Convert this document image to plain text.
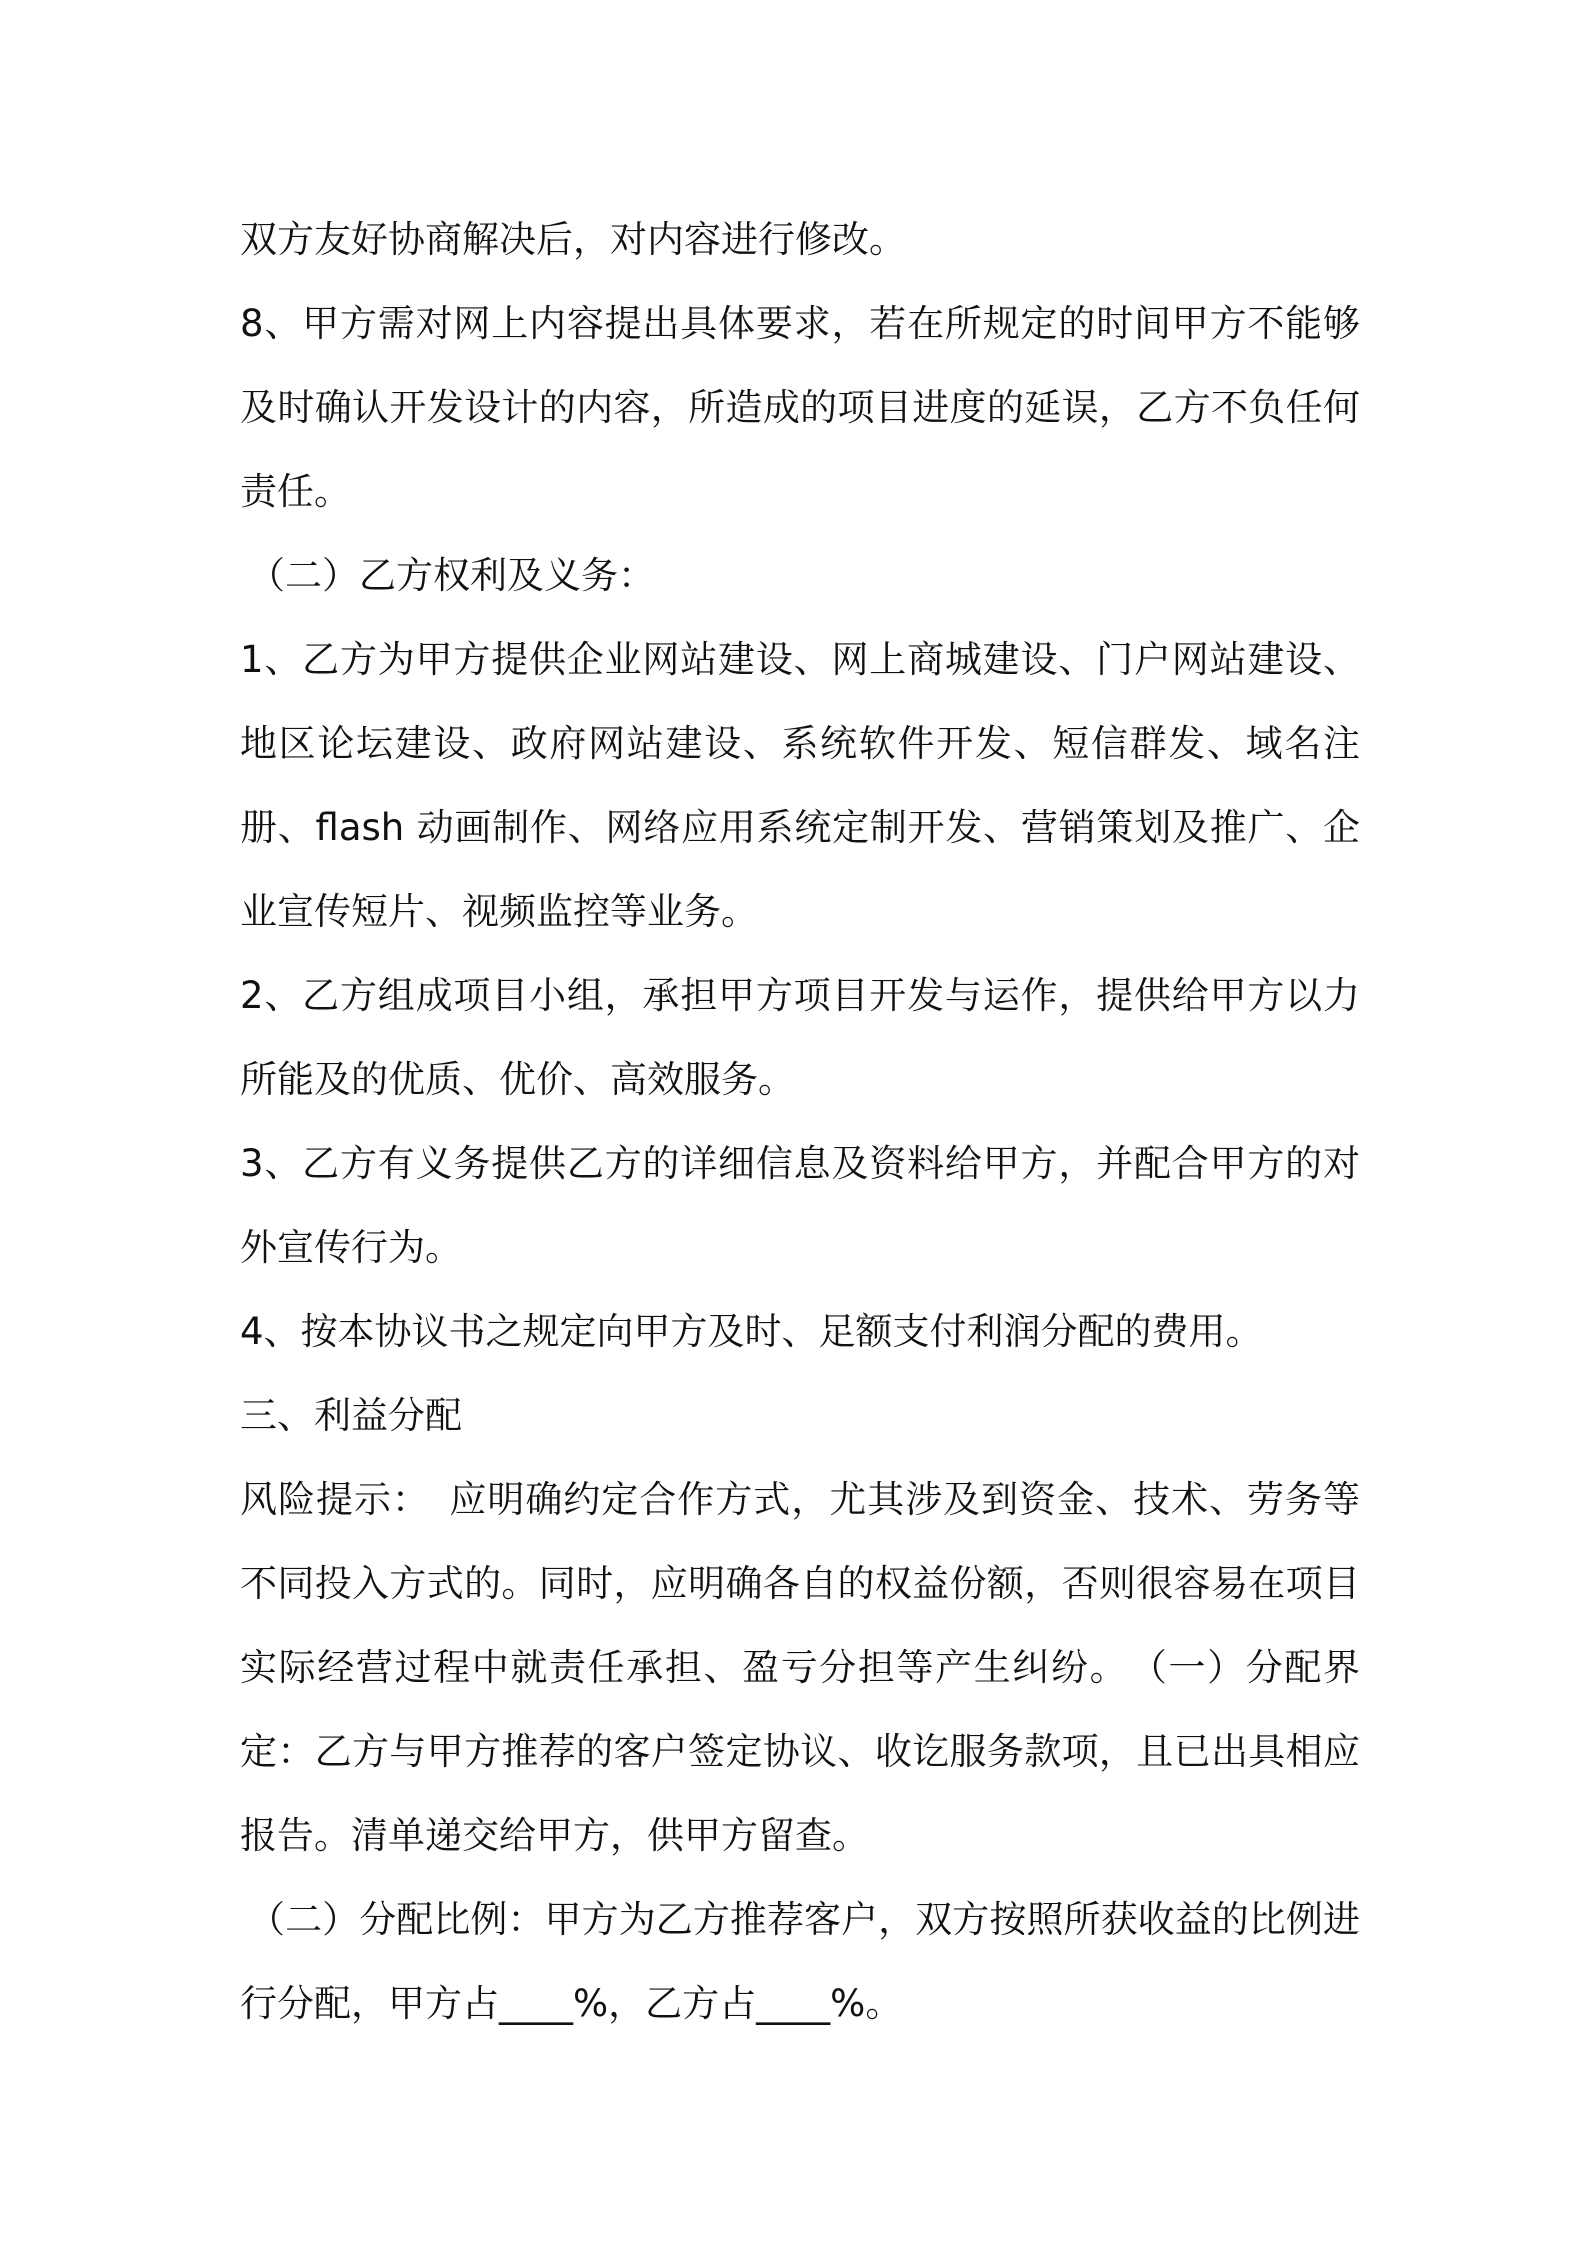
双方友好协商解决后，对内容进行修改。

8、甲方需对网上内容提出具体要求，若在所规定的时间甲方不能够及时确认开发设计的内容，所造成的项目进度的延误，乙方不负任何责任。

（二）乙方权利及义务：

1、乙方为甲方提供企业网站建设、网上商城建设、门户网站建设、地区论坛建设、政府网站建设、系统软件开发、短信群发、域名注册、flash 动画制作、网络应用系统定制开发、营销策划及推广、企业宣传短片、视频监控等业务。

2、乙方组成项目小组，承担甲方项目开发与运作，提供给甲方以力所能及的优质、优价、高效服务。

3、乙方有义务提供乙方的详细信息及资料给甲方，并配合甲方的对外宣传行为。

4、按本协议书之规定向甲方及时、足额支付利润分配的费用。

三、利益分配

风险提示：　应明确约定合作方式，尤其涉及到资金、技术、劳务等不同投入方式的。同时，应明确各自的权益份额，否则很容易在项目实际经营过程中就责任承担、盈亏分担等产生纠纷。　（一）分配界定：乙方与甲方推荐的客户签定协议、收讫服务款项，且已出具相应报告。清单递交给甲方，供甲方留查。

（二）分配比例：甲方为乙方推荐客户，双方按照所获收益的比例进行分配，甲方占____%，乙方占____%。
